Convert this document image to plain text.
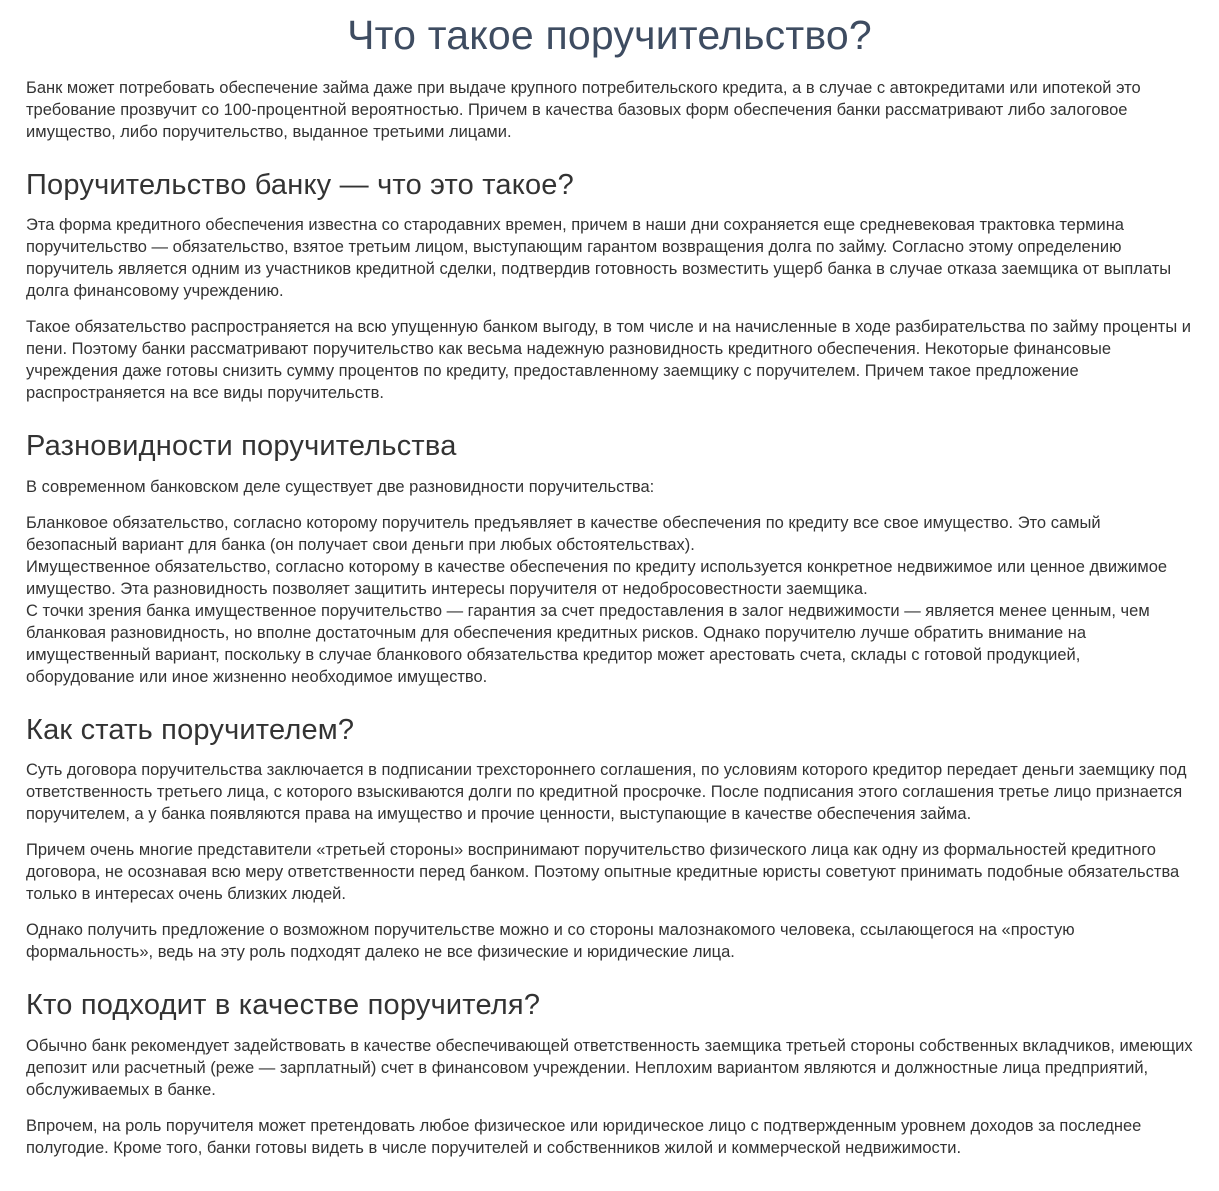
Что такое поручительство?

Банк может потребовать обеспечение займа даже при выдаче крупного потребительского кредита, а в случае с автокредитами или ипотекой это требование прозвучит со 100-процентной вероятностью. Причем в качества базовых форм обеспечения банки рассматривают либо залоговое имущество, либо поручительство, выданное третьими лицами.

Поручительство банку — что это такое?

Эта форма кредитного обеспечения известна со стародавних времен, причем в наши дни сохраняется еще средневековая трактовка термина поручительство — обязательство, взятое третьим лицом, выступающим гарантом возвращения долга по займу. Согласно этому определению поручитель является одним из участников кредитной сделки, подтвердив готовность возместить ущерб банка в случае отказа заемщика от выплаты долга финансовому учреждению.

Такое обязательство распространяется на всю упущенную банком выгоду, в том числе и на начисленные в ходе разбирательства по займу проценты и пени. Поэтому банки рассматривают поручительство как весьма надежную разновидность кредитного обеспечения. Некоторые финансовые учреждения даже готовы снизить сумму процентов по кредиту, предоставленному заемщику с поручителем. Причем такое предложение распространяется на все виды поручительств.

Разновидности поручительства

В современном банковском деле существует две разновидности поручительства:

Бланковое обязательство, согласно которому поручитель предъявляет в качестве обеспечения по кредиту все свое имущество. Это самый безопасный вариант для банка (он получает свои деньги при любых обстоятельствах).
Имущественное обязательство, согласно которому в качестве обеспечения по кредиту используется конкретное недвижимое или ценное движимое имущество. Эта разновидность позволяет защитить интересы поручителя от недобросовестности заемщика.
С точки зрения банка имущественное поручительство — гарантия за счет предоставления в залог недвижимости — является менее ценным, чем бланковая разновидность, но вполне достаточным для обеспечения кредитных рисков. Однако поручителю лучше обратить внимание на имущественный вариант, поскольку в случае бланкового обязательства кредитор может арестовать счета, склады с готовой продукцией, оборудование или иное жизненно необходимое имущество.
Как стать поручителем?

Суть договора поручительства заключается в подписании трехстороннего соглашения, по условиям которого кредитор передает деньги заемщику под ответственность третьего лица, с которого взыскиваются долги по кредитной просрочке. После подписания этого соглашения третье лицо признается поручителем, а у банка появляются права на имущество и прочие ценности, выступающие в качестве обеспечения займа.

Причем очень многие представители «третьей стороны» воспринимают поручительство физического лица как одну из формальностей кредитного договора, не осознавая всю меру ответственности перед банком. Поэтому опытные кредитные юристы советуют принимать подобные обязательства только в интересах очень близких людей.

Однако получить предложение о возможном поручительстве можно и со стороны малознакомого человека, ссылающегося на «простую формальность», ведь на эту роль подходят далеко не все физические и юридические лица.

Кто подходит в качестве поручителя?

Обычно банк рекомендует задействовать в качестве обеспечивающей ответственность заемщика третьей стороны собственных вкладчиков, имеющих депозит или расчетный (реже — зарплатный) счет в финансовом учреждении. Неплохим вариантом являются и должностные лица предприятий, обслуживаемых в банке.

Впрочем, на роль поручителя может претендовать любое физическое или юридическое лицо с подтвержденным уровнем доходов за последнее полугодие. Кроме того, банки готовы видеть в числе поручителей и собственников жилой и коммерческой недвижимости.
